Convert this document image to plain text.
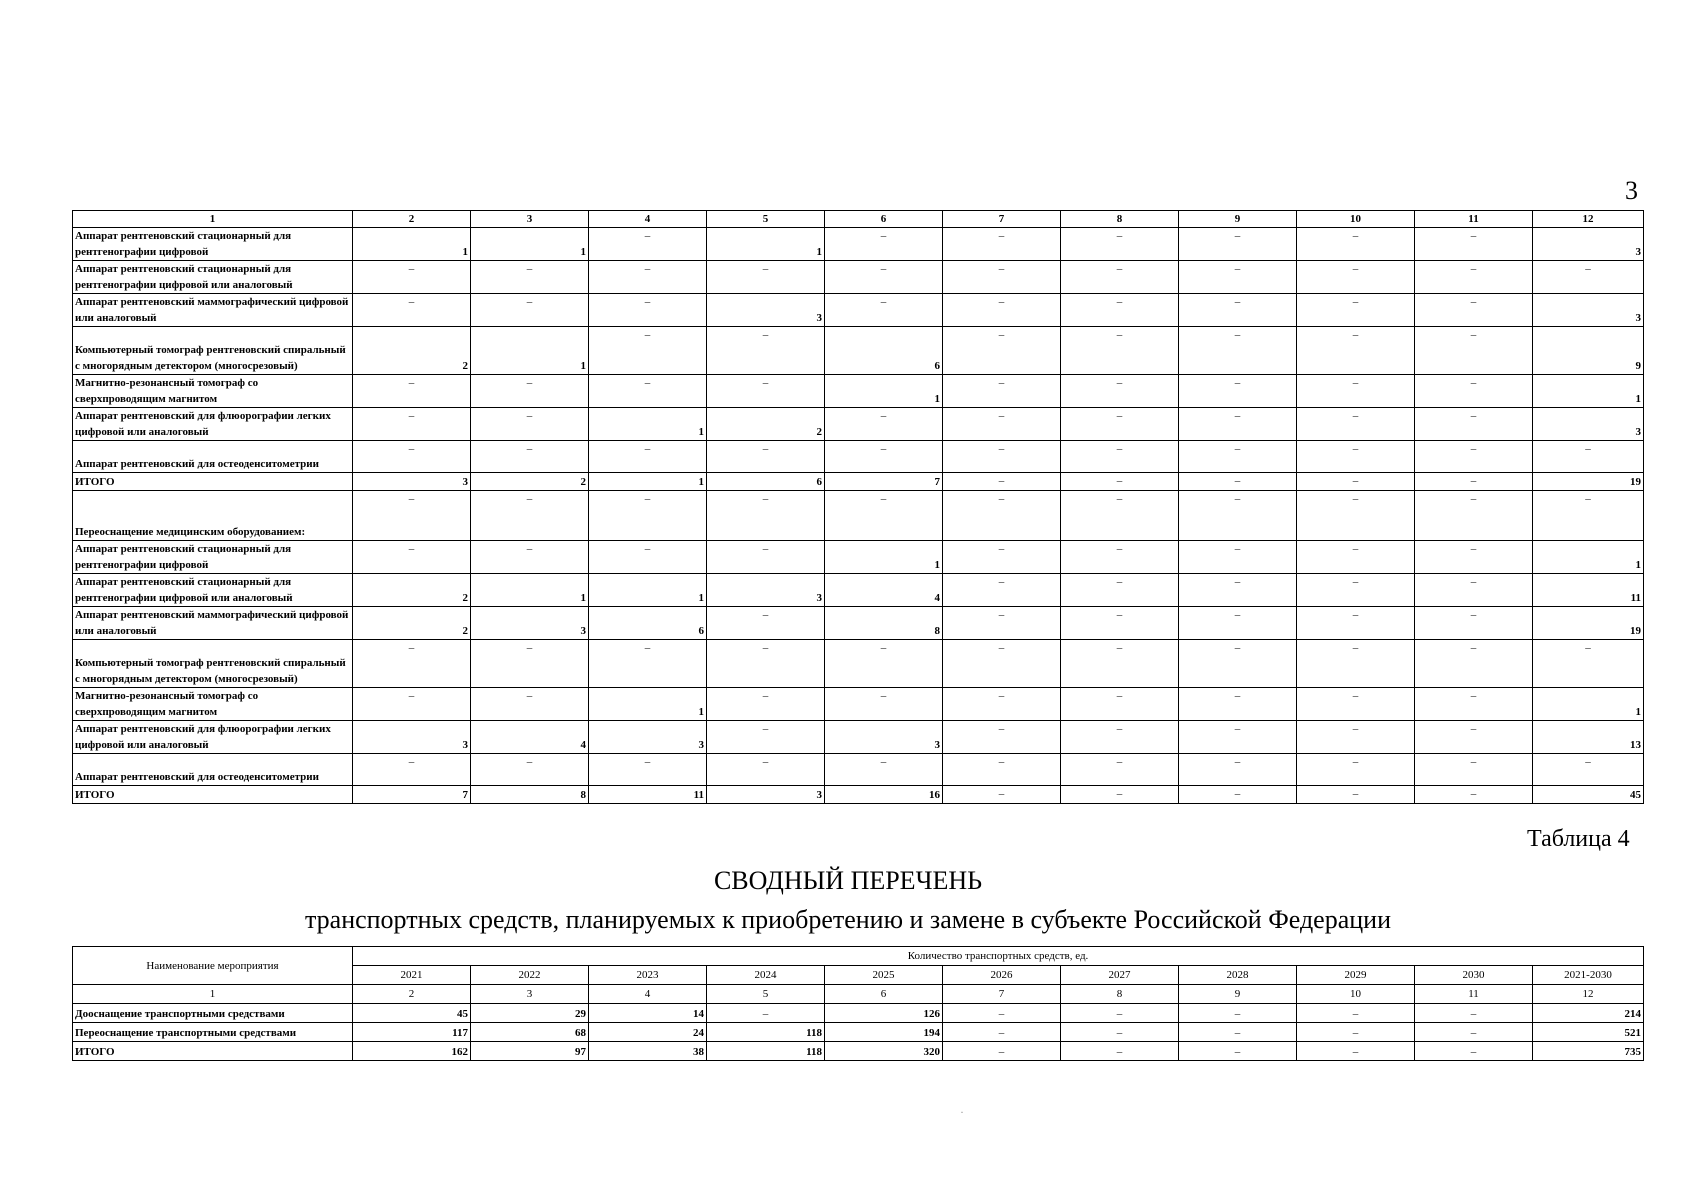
3
1	2	3	4	5	6	7	8	9	10	11	12
Аппарат рентгеновский стационарный для рентгенографии цифровой	1	1	–	1	–	–	–	–	–	–	3
Аппарат рентгеновский стационарный для рентгенографии цифровой или аналоговый	–	–	–	–	–	–	–	–	–	–	–
Аппарат рентгеновский маммографический цифровой или аналоговый	–	–	–	3	–	–	–	–	–	–	3
Компьютерный томограф рентгеновский спиральный с многорядным детектором (многосрезовый)	2	1	–	–	6	–	–	–	–	–	9
Магнитно-резонансный томограф со сверхпроводящим магнитом	–	–	–	–	1	–	–	–	–	–	1
Аппарат рентгеновский для флюорографии легких цифровой или аналоговый	–	–	1	2	–	–	–	–	–	–	3
Аппарат рентгеновский для остеоденситометрии	–	–	–	–	–	–	–	–	–	–	–
ИТОГО	3	2	1	6	7	–	–	–	–	–	19
Переоснащение медицинским оборудованием:	–	–	–	–	–	–	–	–	–	–	–
Аппарат рентгеновский стационарный для рентгенографии цифровой	–	–	–	–	1	–	–	–	–	–	1
Аппарат рентгеновский стационарный для рентгенографии цифровой или аналоговый	2	1	1	3	4	–	–	–	–	–	11
Аппарат рентгеновский маммографический цифровой или аналоговый	2	3	6	–	8	–	–	–	–	–	19
Компьютерный томограф рентгеновский спиральный с многорядным детектором (многосрезовый)	–	–	–	–	–	–	–	–	–	–	–
Магнитно-резонансный томограф со сверхпроводящим магнитом	–	–	1	–	–	–	–	–	–	–	1
Аппарат рентгеновский для флюорографии легких цифровой или аналоговый	3	4	3	–	3	–	–	–	–	–	13
Аппарат рентгеновский для остеоденситометрии	–	–	–	–	–	–	–	–	–	–	–
ИТОГО	7	8	11	3	16	–	–	–	–	–	45
Таблица 4
СВОДНЫЙ ПЕРЕЧЕНЬ
транспортных средств, планируемых к приобретению и замене в субъекте Российской Федерации
Наименование мероприятия	Количество транспортных средств, ед.										
	2021	2022	2023	2024	2025	2026	2027	2028	2029	2030	2021-2030
1	2	3	4	5	6	7	8	9	10	11	12
Дооснащение транспортными средствами	45	29	14	–	126	–	–	–	–	–	214
Переоснащение транспортными средствами	117	68	24	118	194	–	–	–	–	–	521
ИТОГО	162	97	38	118	320	–	–	–	–	–	735
·
